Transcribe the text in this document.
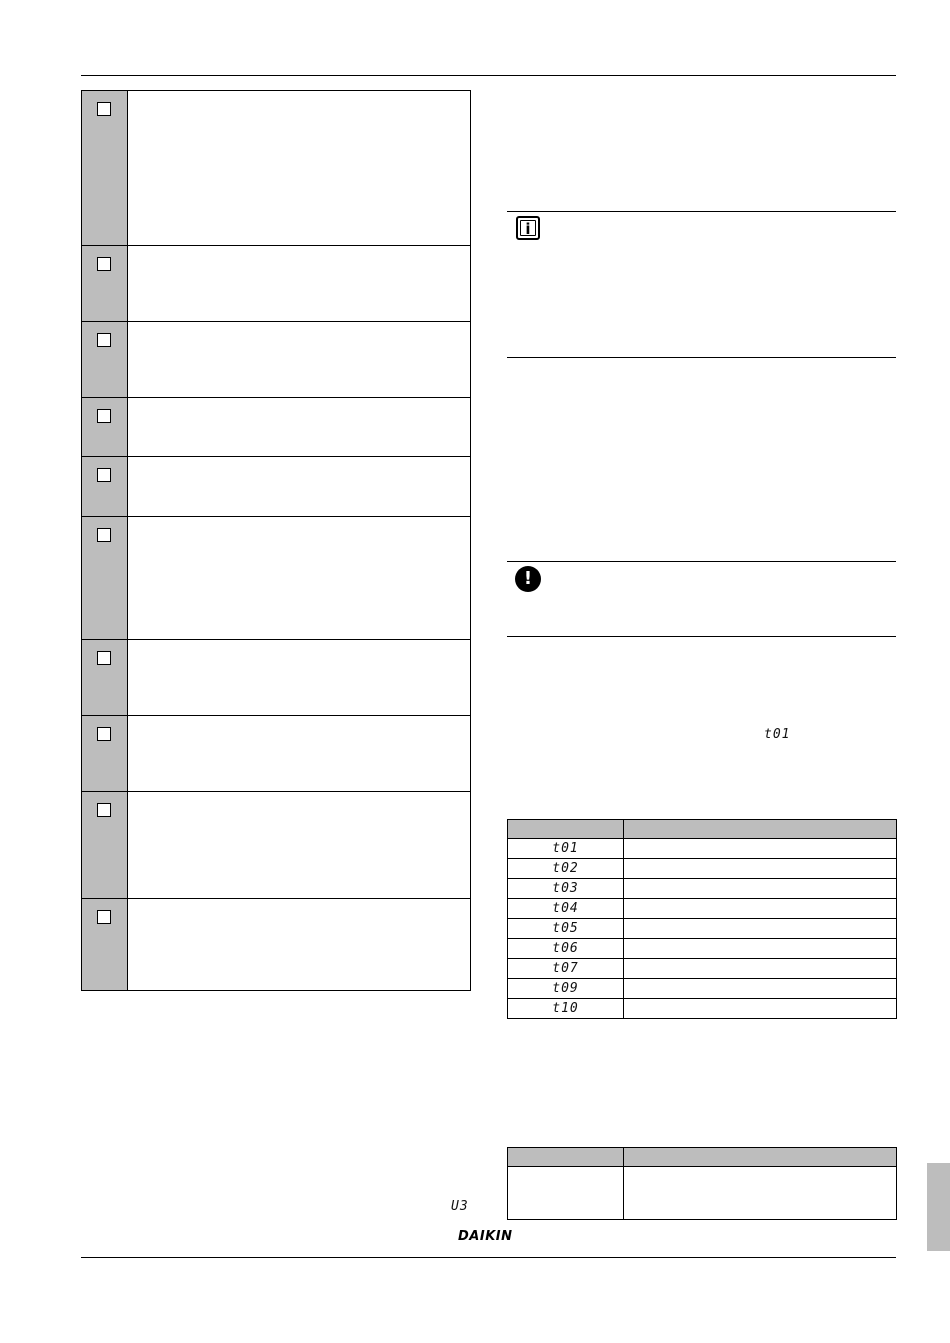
U3
i
!
t01

t01	
t02	
t03	
t04	
t05	
t06	
t07	
t09	
t10	

DAIKIN
